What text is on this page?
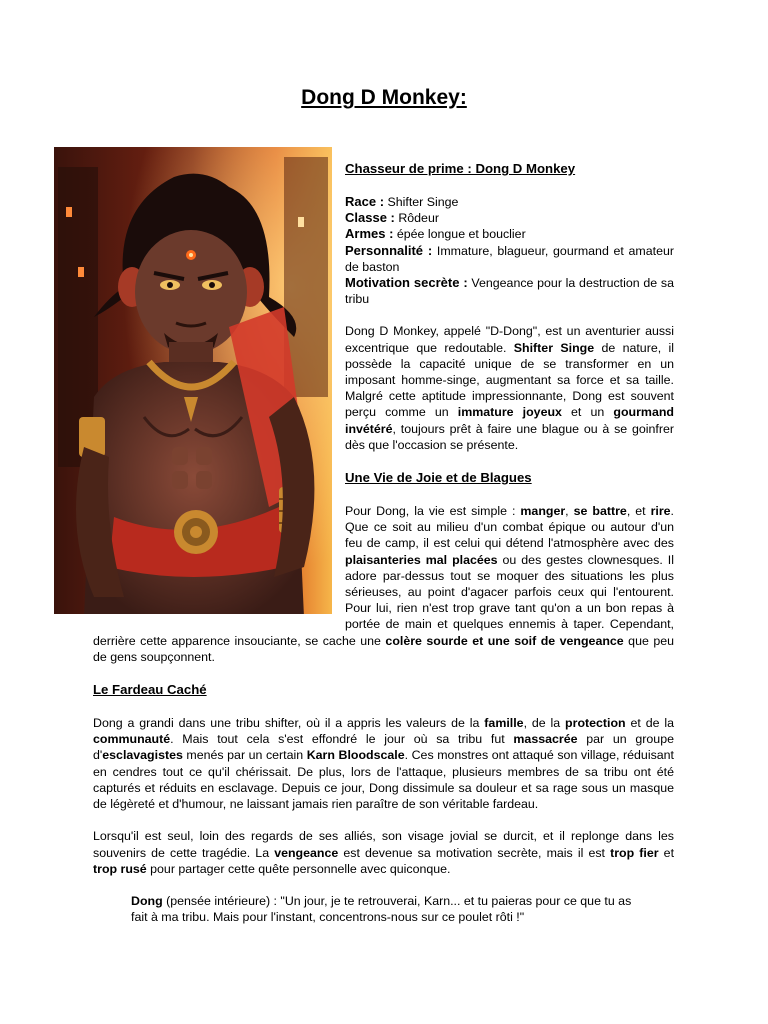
Dong D Monkey:
Chasseur de prime : Dong D Monkey

Race : Shifter Singe

Classe : Rôdeur

Armes : épée longue et bouclier

Personnalité : Immature, blagueur, gourmand et amateur de baston

Motivation secrète : Vengeance pour la destruction de sa tribu

Dong D Monkey, appelé "D-Dong", est un aventurier aussi excentrique que redoutable. Shifter Singe de nature, il possède la capacité unique de se transformer en un imposant homme-singe, augmentant sa force et sa taille. Malgré cette aptitude impressionnante, Dong est souvent perçu comme un immature joyeux et un gourmand invétéré, toujours prêt à faire une blague ou à se goinfrer dès que l'occasion se présente.

Une Vie de Joie et de Blagues

Pour Dong, la vie est simple : manger, se battre, et rire. Que ce soit au milieu d'un combat épique ou autour d'un feu de camp, il est celui qui détend l'atmosphère avec des plaisanteries mal placées ou des gestes clownesques. Il adore par-dessus tout se moquer des situations les plus sérieuses, au point d'agacer parfois ceux qui l'entourent. Pour lui, rien n'est trop grave tant qu'on a un bon repas à portée de main et quelques ennemis à taper. Cependant, derrière cette apparence insouciante, se cache une colère sourde et une soif de vengeance que peu de gens soupçonnent.

Le Fardeau Caché

Dong a grandi dans une tribu shifter, où il a appris les valeurs de la famille, de la protection et de la communauté. Mais tout cela s'est effondré le jour où sa tribu fut massacrée par un groupe d'esclavagistes menés par un certain Karn Bloodscale. Ces monstres ont attaqué son village, réduisant en cendres tout ce qu'il chérissait. De plus, lors de l'attaque, plusieurs membres de sa tribu ont été capturés et réduits en esclavage. Depuis ce jour, Dong dissimule sa douleur et sa rage sous un masque de légèreté et d'humour, ne laissant jamais rien paraître de son véritable fardeau.

Lorsqu'il est seul, loin des regards de ses alliés, son visage jovial se durcit, et il replonge dans les souvenirs de cette tragédie. La vengeance est devenue sa motivation secrète, mais il est trop fier et trop rusé pour partager cette quête personnelle avec quiconque.

Dong (pensée intérieure) : "Un jour, je te retrouverai, Karn... et tu paieras pour ce que tu as fait à ma tribu. Mais pour l'instant, concentrons-nous sur ce poulet rôti !"
